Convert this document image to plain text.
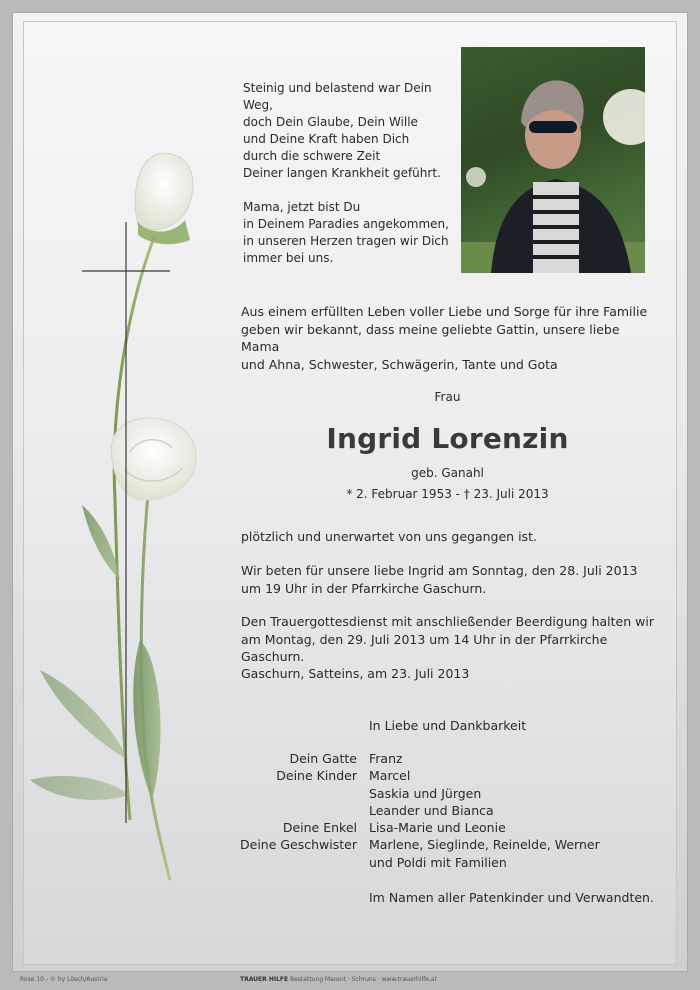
Steinig und belastend war Dein Weg,
doch Dein Glaube, Dein Wille
und Deine Kraft haben Dich
durch die schwere Zeit
Deiner langen Krankheit geführt.

Mama, jetzt bist Du
in Deinem Paradies angekommen,
in unseren Herzen tragen wir Dich
immer bei uns.
Aus einem erfüllten Leben voller Liebe und Sorge für ihre Familie
geben wir bekannt, dass meine geliebte Gattin, unsere liebe Mama
und Ahna, Schwester, Schwägerin, Tante und Gota
Frau
Ingrid Lorenzin
geb. Ganahl
* 2. Februar 1953 - † 23. Juli 2013
plötzlich und unerwartet von uns gegangen ist.
Wir beten für unsere liebe Ingrid am Sonntag, den 28. Juli 2013
um 19 Uhr in der Pfarrkirche Gaschurn.
Den Trauergottesdienst mit anschließender Beerdigung halten wir
am Montag, den 29. Juli 2013 um 14 Uhr in der Pfarrkirche Gaschurn.
Gaschurn, Satteins, am 23. Juli 2013
In Liebe und Dankbarkeit
Dein Gatte Franz
Deine Kinder Marcel
Saskia und Jürgen
Leander und Bianca
Deine Enkel Lisa-Marie und Leonie
Deine Geschwister Marlene, Sieglinde, Reinelde, Werner
und Poldi mit Familien
Im Namen aller Patenkinder und Verwandten.
Rose 10 - © by Lösch/Austria	TRAUER HILFE Bestattung Marent · Schruns · www.trauerhilfe.at
